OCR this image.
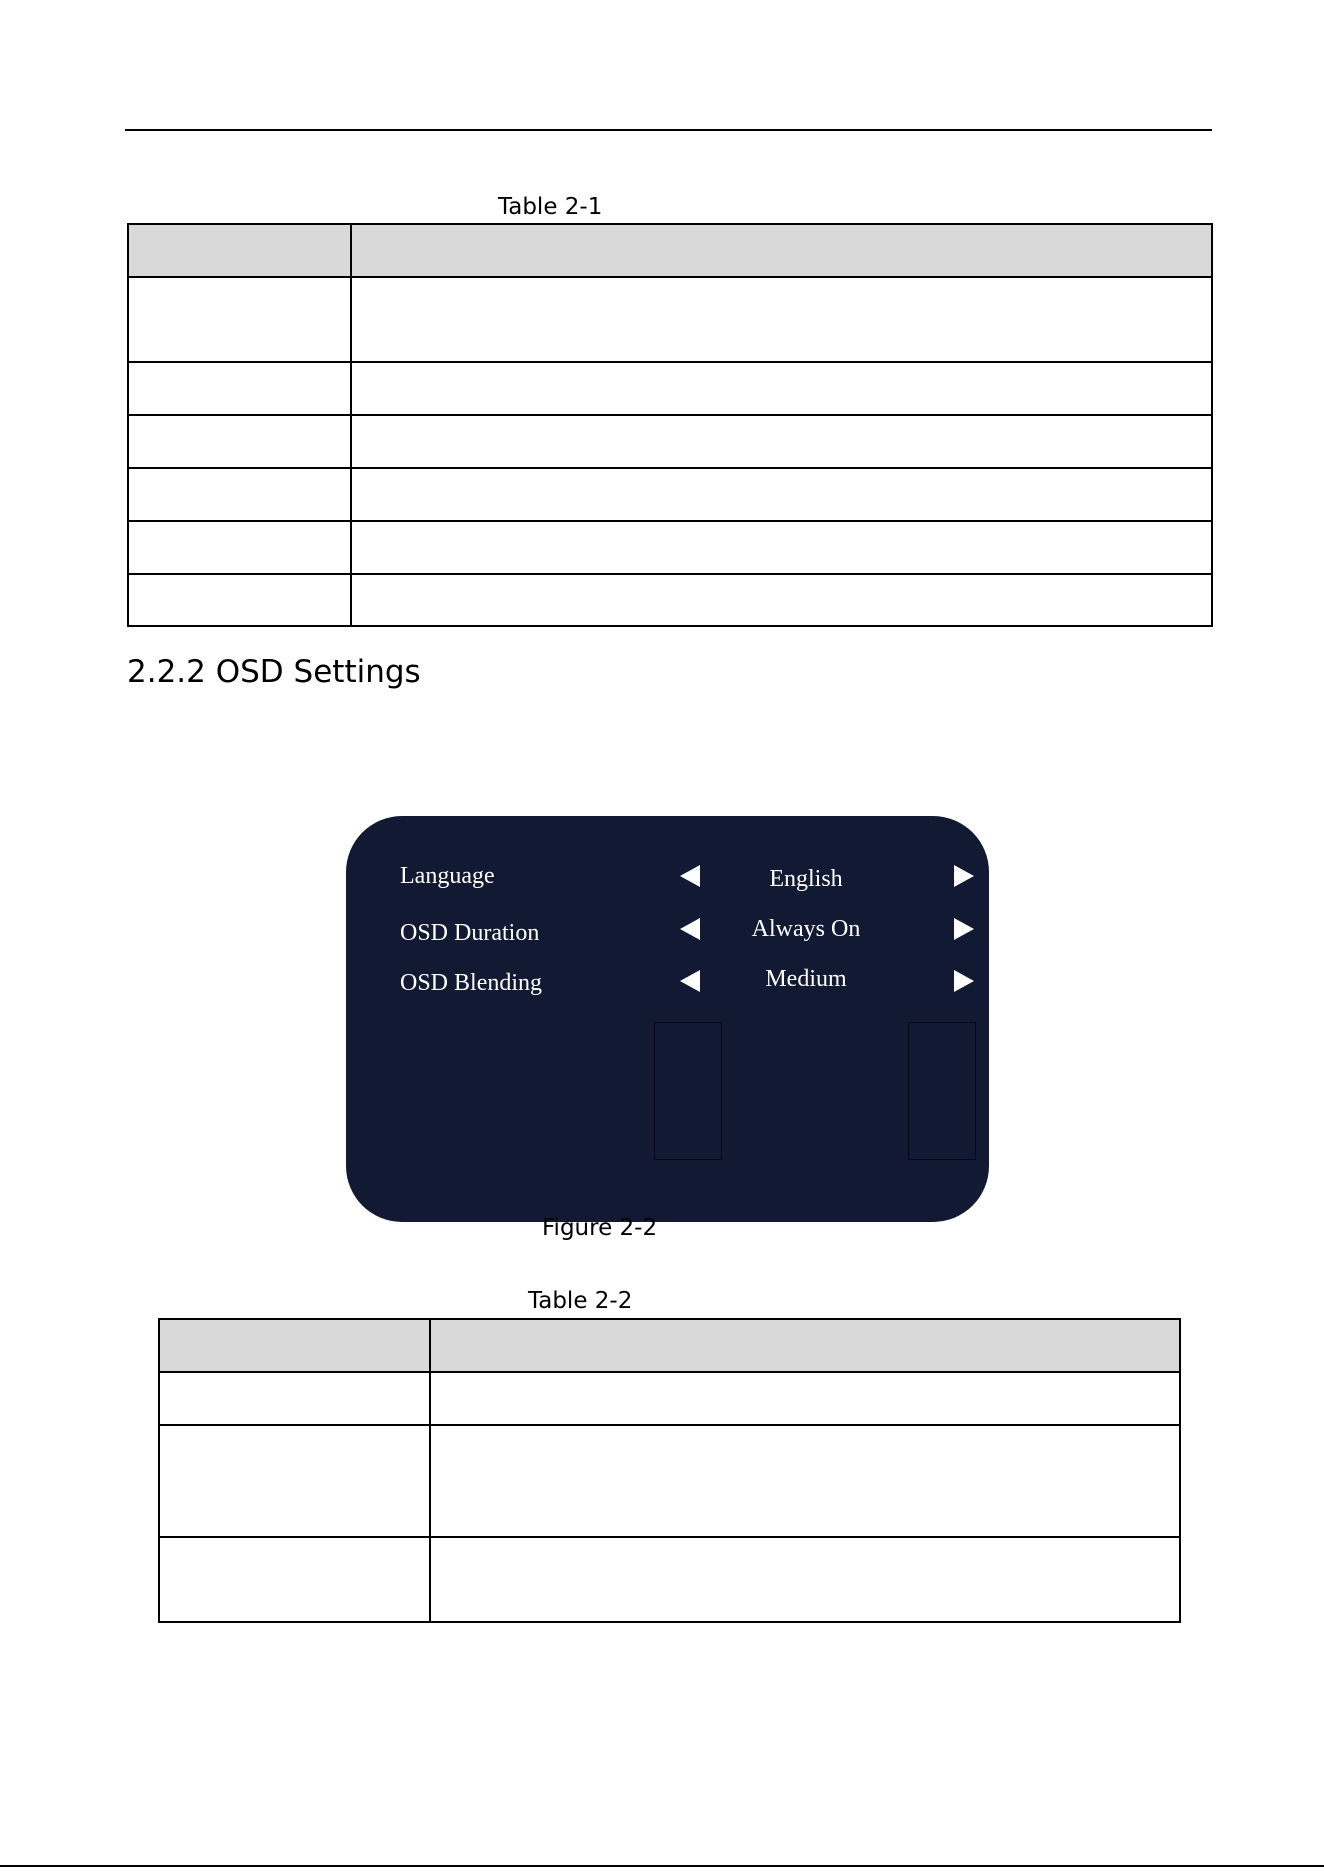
Table 2-1

2.2.2 OSD Settings
Language	English
OSD Duration	Always On
OSD Blending	Medium
Figure 2-2
Table 2-2
